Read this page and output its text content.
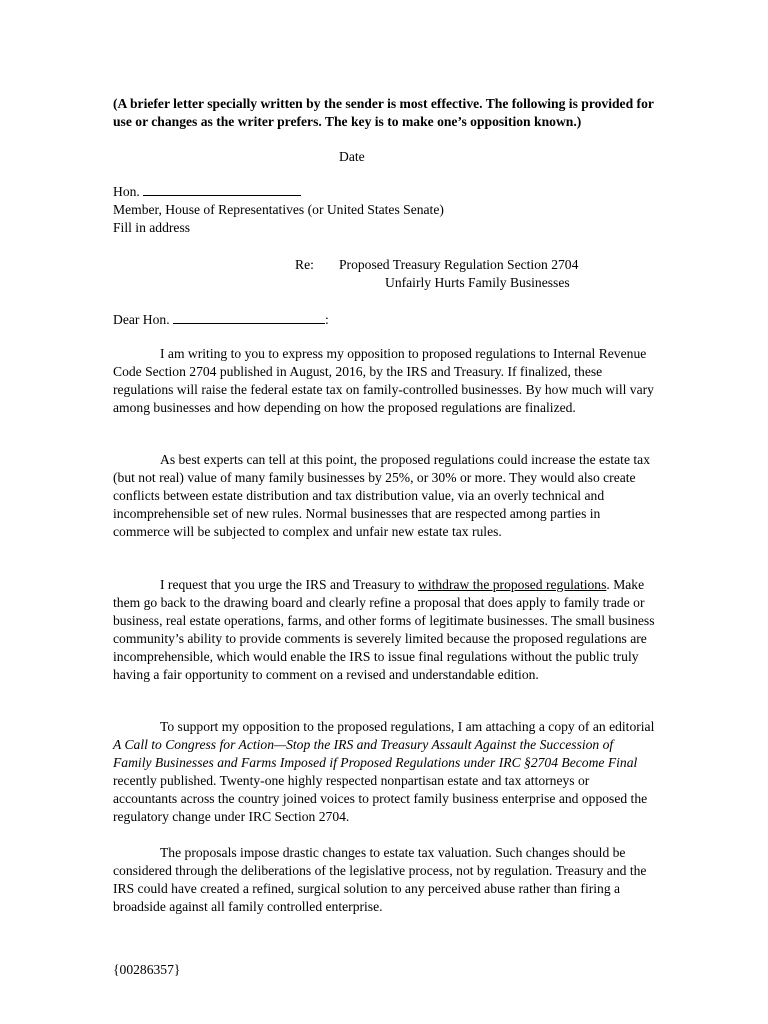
(A briefer letter specially written by the sender is most effective. The following is provided for use or changes as the writer prefers. The key is to make one’s opposition known.)
Date
Hon.
Member, House of Representatives (or United States Senate)
Fill in address
Re: Proposed Treasury Regulation Section 2704
Unfairly Hurts Family Businesses
Dear Hon.	:
I am writing to you to express my opposition to proposed regulations to Internal Revenue Code Section 2704 published in August, 2016, by the IRS and Treasury. If finalized, these regulations will raise the federal estate tax on family-controlled businesses. By how much will vary among businesses and how depending on how the proposed regulations are finalized.
As best experts can tell at this point, the proposed regulations could increase the estate tax (but not real) value of many family businesses by 25%, or 30% or more. They would also create conflicts between estate distribution and tax distribution value, via an overly technical and incomprehensible set of new rules. Normal businesses that are respected among parties in commerce will be subjected to complex and unfair new estate tax rules.
I request that you urge the IRS and Treasury to withdraw the proposed regulations. Make them go back to the drawing board and clearly refine a proposal that does apply to family trade or business, real estate operations, farms, and other forms of legitimate businesses. The small business community’s ability to provide comments is severely limited because the proposed regulations are incomprehensible, which would enable the IRS to issue final regulations without the public truly having a fair opportunity to comment on a revised and understandable edition.
To support my opposition to the proposed regulations, I am attaching a copy of an editorial A Call to Congress for Action—Stop the IRS and Treasury Assault Against the Succession of Family Businesses and Farms Imposed if Proposed Regulations under IRC §2704 Become Final recently published. Twenty-one highly respected nonpartisan estate and tax attorneys or accountants across the country joined voices to protect family business enterprise and opposed the regulatory change under IRC Section 2704.
The proposals impose drastic changes to estate tax valuation. Such changes should be considered through the deliberations of the legislative process, not by regulation. Treasury and the IRS could have created a refined, surgical solution to any perceived abuse rather than firing a broadside against all family controlled enterprise.
{00286357}
